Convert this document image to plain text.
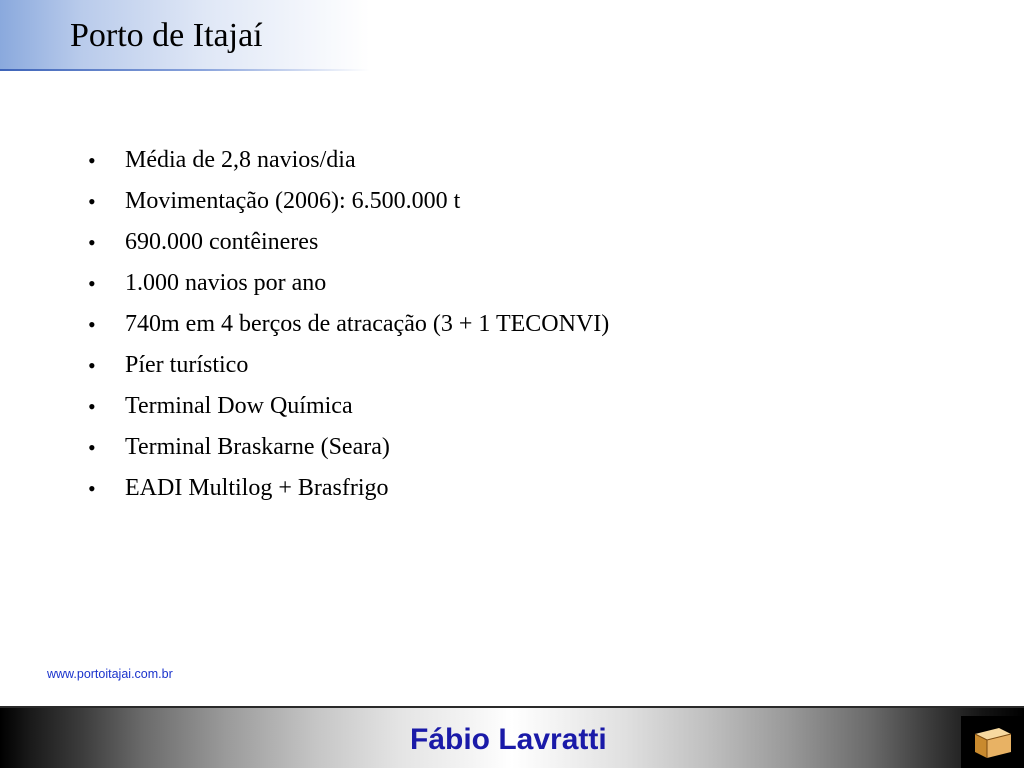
Porto de Itajaí
•	Média de 2,8 navios/dia
•	Movimentação (2006): 6.500.000 t
•	690.000 contêineres
•	1.000 navios por ano
•	740m em 4 berços de atracação (3 + 1 TECONVI)
•	Píer turístico
•	Terminal Dow Química
•	Terminal Braskarne (Seara)
•	EADI Multilog + Brasfrigo
www.portoitajai.com.br
Fábio Lavratti
